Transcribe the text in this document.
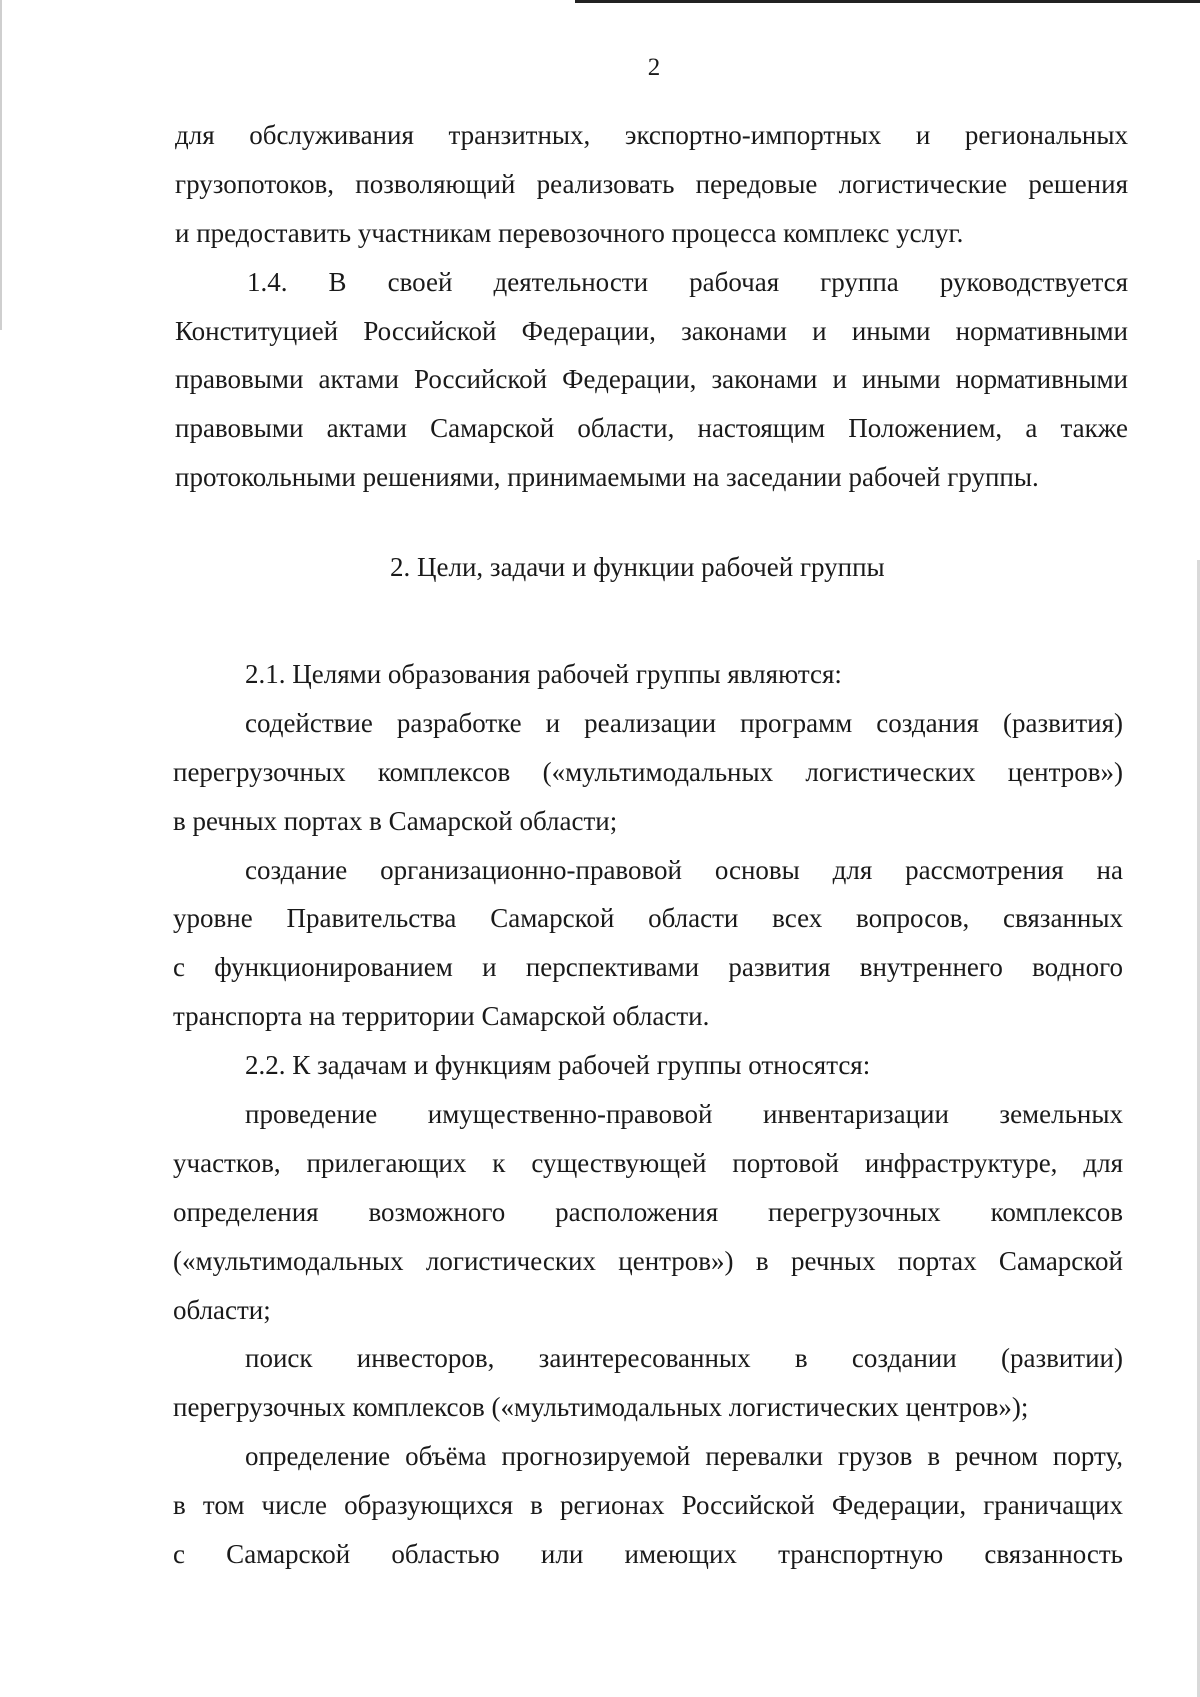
2
для обслуживания транзитных, экспортно-импортных и региональных
грузопотоков, позволяющий реализовать передовые логистические решения
и предоставить участникам перевозочного процесса комплекс услуг.
1.4. В своей деятельности рабочая группа руководствуется
Конституцией Российской Федерации, законами и иными нормативными
правовыми актами Российской Федерации, законами и иными нормативными
правовыми актами Самарской области, настоящим Положением, а также
протокольными решениями, принимаемыми на заседании рабочей группы.
2. Цели, задачи и функции рабочей группы
2.1. Целями образования рабочей группы являются:
содействие разработке и реализации программ создания (развития)
перегрузочных комплексов («мультимодальных логистических центров»)
в речных портах в Самарской области;
создание организационно-правовой основы для рассмотрения на
уровне Правительства Самарской области всех вопросов, связанных
с функционированием и перспективами развития внутреннего водного
транспорта на территории Самарской области.
2.2. К задачам и функциям рабочей группы относятся:
проведение имущественно-правовой инвентаризации земельных
участков, прилегающих к существующей портовой инфраструктуре, для
определения возможного расположения перегрузочных комплексов
(«мультимодальных логистических центров») в речных портах Самарской
области;
поиск инвесторов, заинтересованных в создании (развитии)
перегрузочных комплексов («мультимодальных логистических центров»);
определение объёма прогнозируемой перевалки грузов в речном порту,
в том числе образующихся в регионах Российской Федерации, граничащих
с Самарской областью или имеющих транспортную связанность
